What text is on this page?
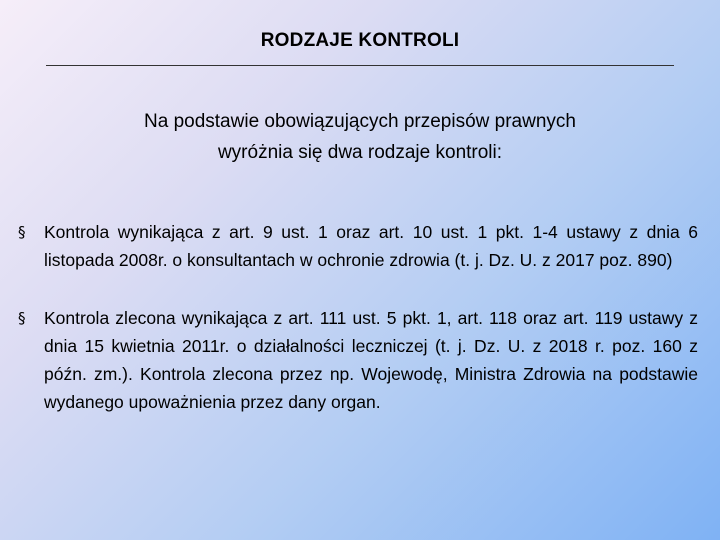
RODZAJE KONTROLI
Na podstawie obowiązujących przepisów prawnych
wyróżnia się dwa rodzaje kontroli:
§ Kontrola wynikająca z art. 9 ust. 1 oraz art. 10 ust. 1 pkt. 1-4 ustawy z dnia 6 listopada 2008r. o konsultantach w ochronie zdrowia (t. j. Dz. U. z 2017 poz. 890)
§ Kontrola zlecona wynikająca z art. 111 ust. 5 pkt. 1, art. 118 oraz art. 119 ustawy z dnia 15 kwietnia 2011r. o działalności leczniczej (t. j. Dz. U. z 2018 r. poz. 160 z późn. zm.). Kontrola zlecona przez np. Wojewodę, Ministra Zdrowia na podstawie wydanego upoważnienia przez dany organ.
